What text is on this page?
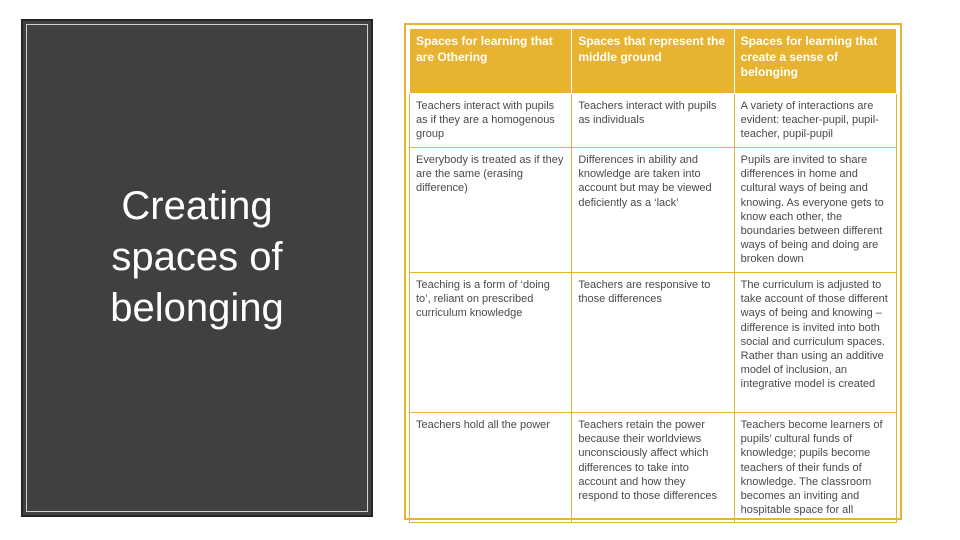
Creating spaces of belonging
Spaces for learning that are Othering	Spaces that represent the middle ground	Spaces for learning that create a sense of belonging
Teachers interact with pupils as if they are a homogenous group	Teachers interact with pupils as individuals	A variety of interactions are evident: teacher-pupil, pupil-teacher, pupil-pupil
Everybody is treated as if they are the same (erasing difference)	Differences in ability and knowledge are taken into account but may be viewed deficiently as a ‘lack’	Pupils are invited to share differences in home and cultural ways of being and knowing. As everyone gets to know each other, the boundaries between different ways of being and doing are broken down
Teaching is a form of ‘doing to’, reliant on prescribed curriculum knowledge	Teachers are responsive to those differences	The curriculum is adjusted to take account of those different ways of being and knowing – difference is invited into both social and curriculum spaces. Rather than using an additive model of inclusion, an integrative model is created
Teachers hold all the power	Teachers retain the power because their worldviews unconsciously affect which differences to take into account and how they respond to those differences	Teachers become learners of pupils’ cultural funds of knowledge; pupils become teachers of their funds of knowledge. The classroom becomes an inviting and hospitable space for all
